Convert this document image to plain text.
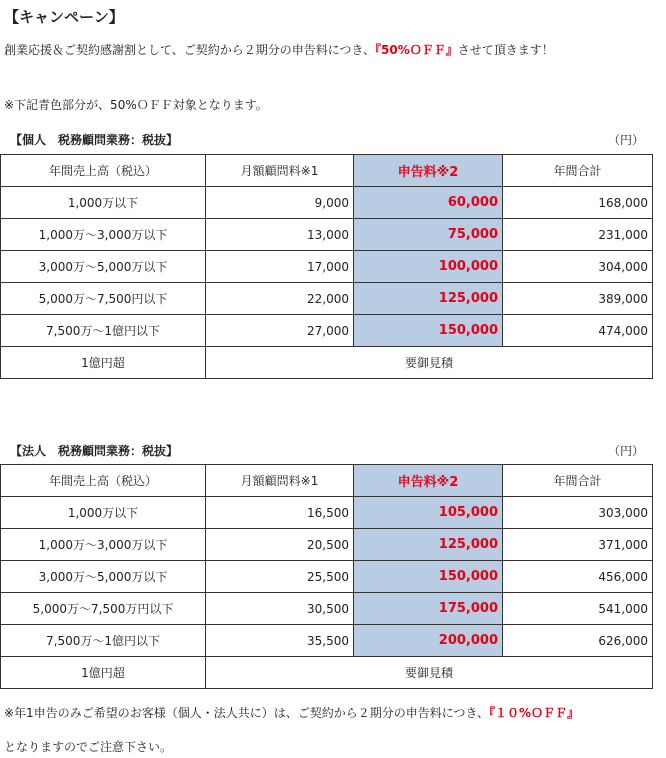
【キャンペーン】
創業応援＆ご契約感謝割として、ご契約から２期分の申告料につき、『50%ＯＦＦ』させて頂きます！
※下記青色部分が、50%ＯＦＦ対象となります。
【個人　税務顧問業務：税抜】	（円）
年間売上高（税込）	月額顧問料※1	申告料※2	年間合計
1,000万以下	9,000	60,000	168,000
1,000万～3,000万以下	13,000	75,000	231,000
3,000万～5,000万以下	17,000	100,000	304,000
5,000万～7,500円以下	22,000	125,000	389,000
7,500万～1億円以下	27,000	150,000	474,000
1億円超	要御見積		
【法人　税務顧問業務：税抜】	（円）
年間売上高（税込）	月額顧問料※1	申告料※2	年間合計
1,000万以下	16,500	105,000	303,000
1,000万～3,000万以下	20,500	125,000	371,000
3,000万～5,000万以下	25,500	150,000	456,000
5,000万～7,500万円以下	30,500	175,000	541,000
7,500万～1億円以下	35,500	200,000	626,000
1億円超	要御見積		
※年1申告のみご希望のお客様（個人・法人共に）は、ご契約から２期分の申告料につき、『１０%ＯＦＦ』
となりますのでご注意下さい。
